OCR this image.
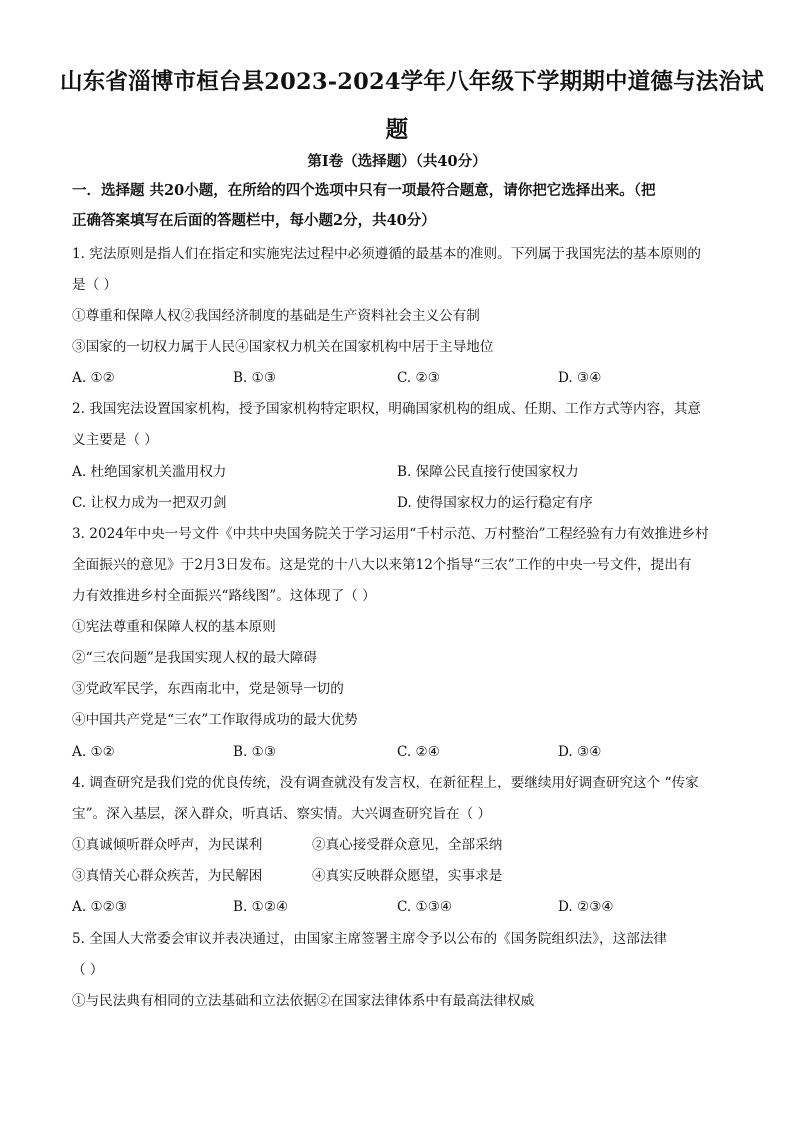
山东省淄博市桓台县2023-2024学年八年级下学期期中道德与法治试
题
第Ⅰ卷（选择题）（共40分）
一．选择题 共20小题，在所给的四个选项中只有一项最符合题意，请你把它选择出来。（把
正确答案填写在后面的答题栏中，每小题2分，共40分）
1. 宪法原则是指人们在指定和实施宪法过程中必须遵循的最基本的准则。下列属于我国宪法的基本原则的
是（ ）
①尊重和保障人权②我国经济制度的基础是生产资料社会主义公有制
③国家的一切权力属于人民④国家权力机关在国家机构中居于主导地位
A. ①②	B. ①③	C. ②③	D. ③④
2. 我国宪法设置国家机构，授予国家机构特定职权，明确国家机构的组成、任期、工作方式等内容，其意
义主要是（ ）
A. 杜绝国家机关滥用权力	B. 保障公民直接行使国家权力
C. 让权力成为一把双刃剑	D. 使得国家权力的运行稳定有序
3. 2024年中央一号文件《中共中央国务院关于学习运用“千村示范、万村整治”工程经验有力有效推进乡村
全面振兴的意见》于2月3日发布。这是党的十八大以来第12个指导“三农”工作的中央一号文件，提出有
力有效推进乡村全面振兴“路线图”。这体现了（ ）
①宪法尊重和保障人权的基本原则
②“三农问题”是我国实现人权的最大障碍
③党政军民学，东西南北中，党是领导一切的
④中国共产党是“三农”工作取得成功的最大优势
A. ①②	B. ①③	C. ②④	D. ③④
4. 调查研究是我们党的优良传统，没有调查就没有发言权，在新征程上，要继续用好调查研究这个 “传家
宝”。深入基层，深入群众，听真话、察实情。大兴调查研究旨在（ ）
①真诚倾听群众呼声，为民谋利	②真心接受群众意见，全部采纳
③真情关心群众疾苦，为民解困	④真实反映群众愿望，实事求是
A. ①②③	B. ①②④	C. ①③④	D. ②③④
5. 全国人大常委会审议并表决通过，由国家主席签署主席令予以公布的《国务院组织法》，这部法律
（ ）
①与民法典有相同的立法基础和立法依据②在国家法律体系中有最高法律权威
